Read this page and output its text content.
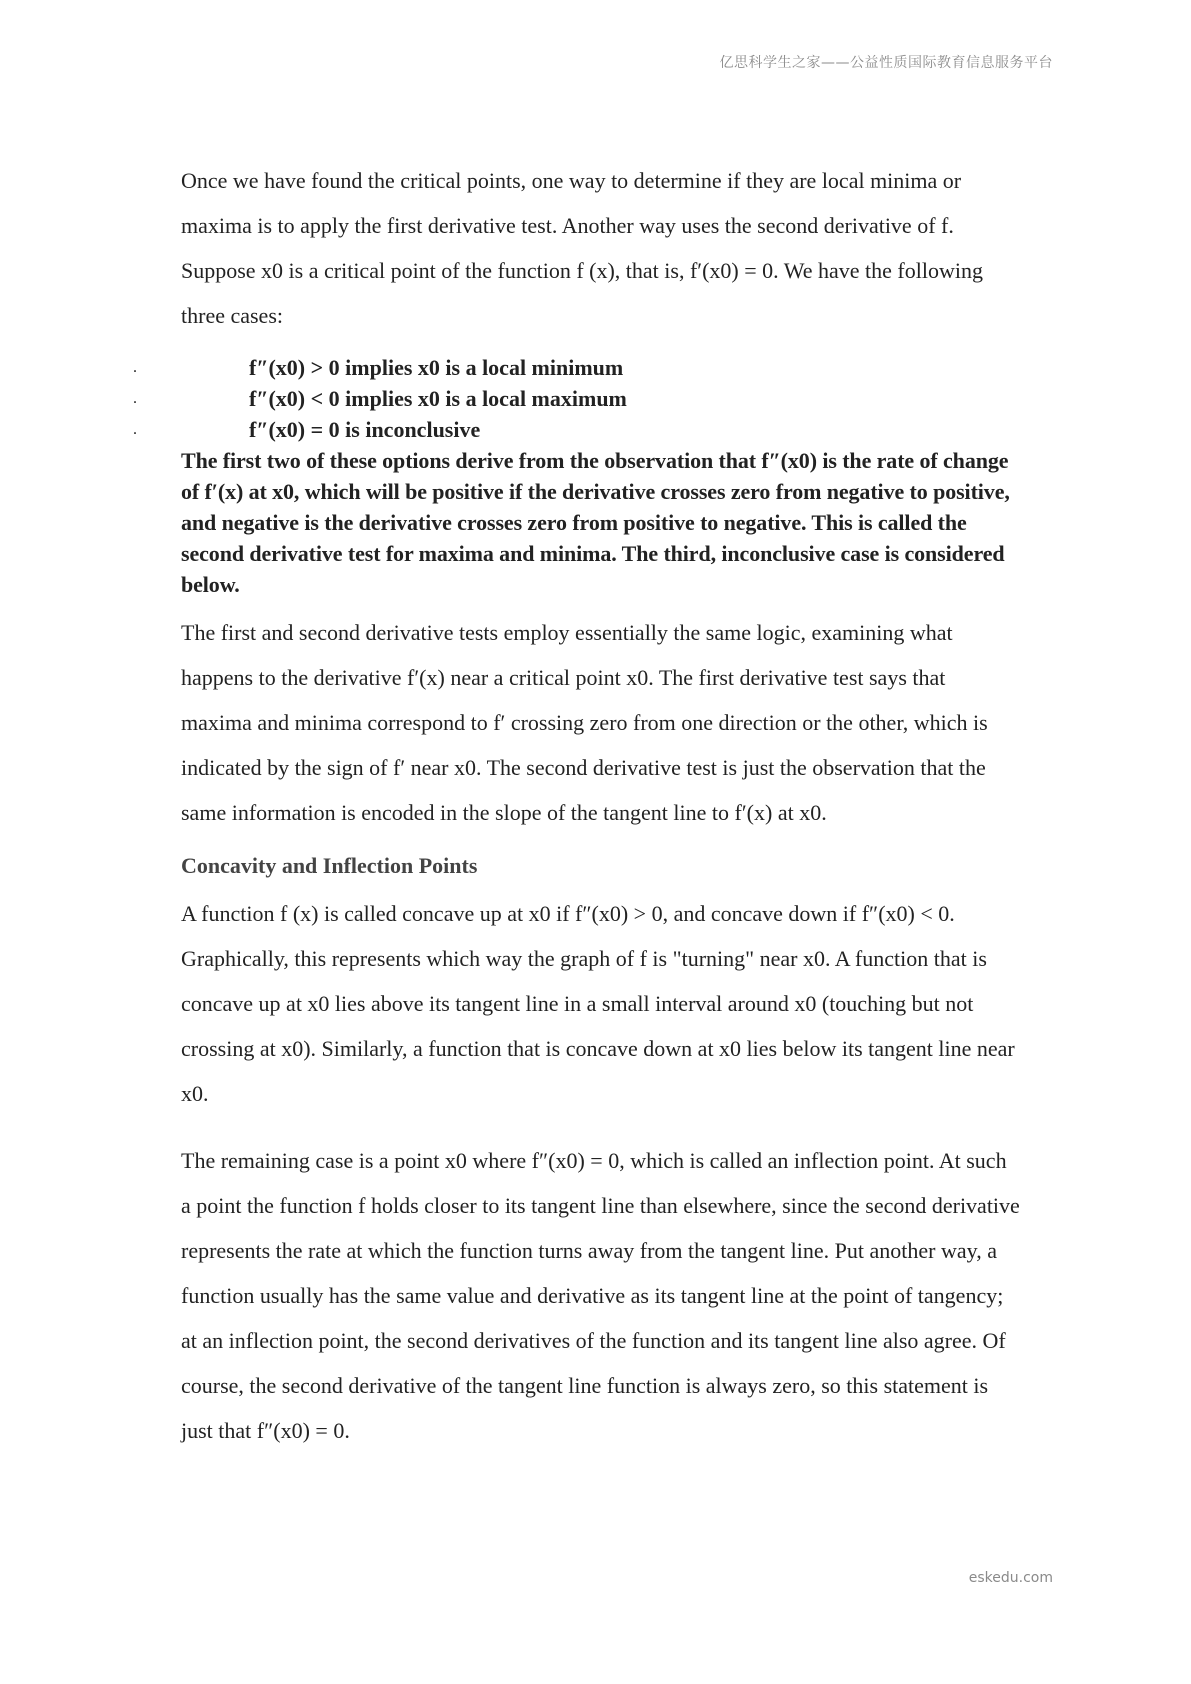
亿思科学生之家——公益性质国际教育信息服务平台

Once we have found the critical points, one way to determine if they are local minima or maxima is to apply the first derivative test. Another way uses the second derivative of f. Suppose x0 is a critical point of the function f (x), that is, f′(x0) = 0. We have the following three cases:

.	f″(x0) > 0 implies x0 is a local minimum
.	f″(x0) < 0 implies x0 is a local maximum
.	f″(x0) = 0 is inconclusive

The first two of these options derive from the observation that f″(x0) is the rate of change of f′(x) at x0, which will be positive if the derivative crosses zero from negative to positive, and negative is the derivative crosses zero from positive to negative. This is called the second derivative test for maxima and minima. The third, inconclusive case is considered below.

The first and second derivative tests employ essentially the same logic, examining what happens to the derivative f′(x) near a critical point x0. The first derivative test says that maxima and minima correspond to f′ crossing zero from one direction or the other, which is indicated by the sign of f′ near x0. The second derivative test is just the observation that the same information is encoded in the slope of the tangent line to f′(x) at x0.

Concavity and Inflection Points

A function f (x) is called concave up at x0 if f″(x0) > 0, and concave down if f″(x0) < 0. Graphically, this represents which way the graph of f is "turning" near x0. A function that is concave up at x0 lies above its tangent line in a small interval around x0 (touching but not crossing at x0). Similarly, a function that is concave down at x0 lies below its tangent line near x0.

The remaining case is a point x0 where f″(x0) = 0, which is called an inflection point. At such a point the function f holds closer to its tangent line than elsewhere, since the second derivative represents the rate at which the function turns away from the tangent line. Put another way, a function usually has the same value and derivative as its tangent line at the point of tangency; at an inflection point, the second derivatives of the function and its tangent line also agree. Of course, the second derivative of the tangent line function is always zero, so this statement is just that f″(x0) = 0.

eskedu.com
